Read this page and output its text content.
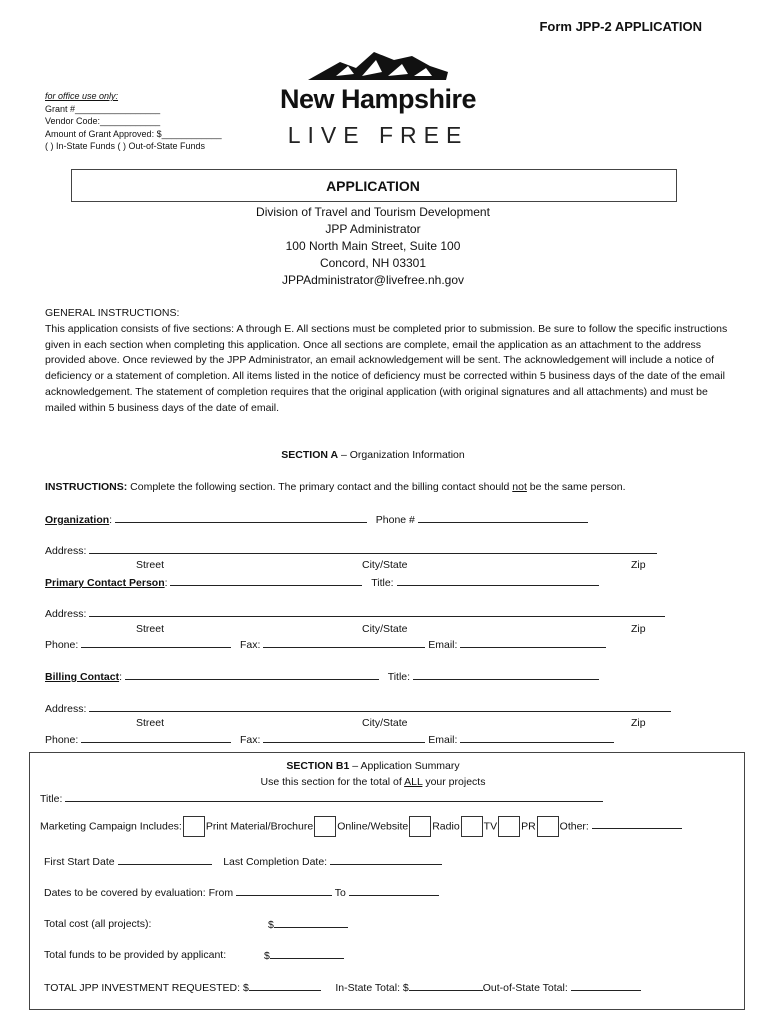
Form JPP-2 APPLICATION
for office use only:
Grant #_________________
Vendor Code:____________
Amount of Grant Approved: $____________
( ) In-State Funds ( ) Out-of-State Funds
New Hampshire
LIVE FREE
APPLICATION
Division of Travel and Tourism Development
JPP Administrator
100 North Main Street, Suite 100
Concord, NH 03301
JPPAdministrator@livefree.nh.gov

GENERAL INSTRUCTIONS:

This application consists of five sections: A through E. All sections must be completed prior to submission. Be sure to follow the specific instructions given in each section when completing this application. Once all sections are complete, email the application as an attachment to the address provided above. Once reviewed by the JPP Administrator, an email acknowledgement will be sent. The acknowledgement will include a notice of deficiency or a statement of completion. All items listed in the notice of deficiency must be corrected within 5 business days of the date of the email acknowledgement. The statement of completion requires that the original application (with original signatures and all attachments) and must be mailed within 5 business days of the date of email.

SECTION A – Organization Information
INSTRUCTIONS: Complete the following section. The primary contact and the billing contact should not be the same person.
Organization:	Phone #
Address:
Street	City/State	Zip
Primary Contact Person:	Title:
Address:
Street	City/State	Zip
Phone:	Fax:	Email:
Billing Contact:	Title:
Address:
Street	City/State	Zip
Phone:	Fax:	Email:
SECTION B1 – Application Summary
Use this section for the total of ALL your projects
Title:
Marketing Campaign Includes: Print Material/Brochure Online/Website Radio TV PR Other:
First Start Date	Last Completion Date:
Dates to be covered by evaluation: From	To
Total cost (all projects):	$
Total funds to be provided by applicant:	$
TOTAL JPP INVESTMENT REQUESTED: $	In-State Total: $	Out-of-State Total:
